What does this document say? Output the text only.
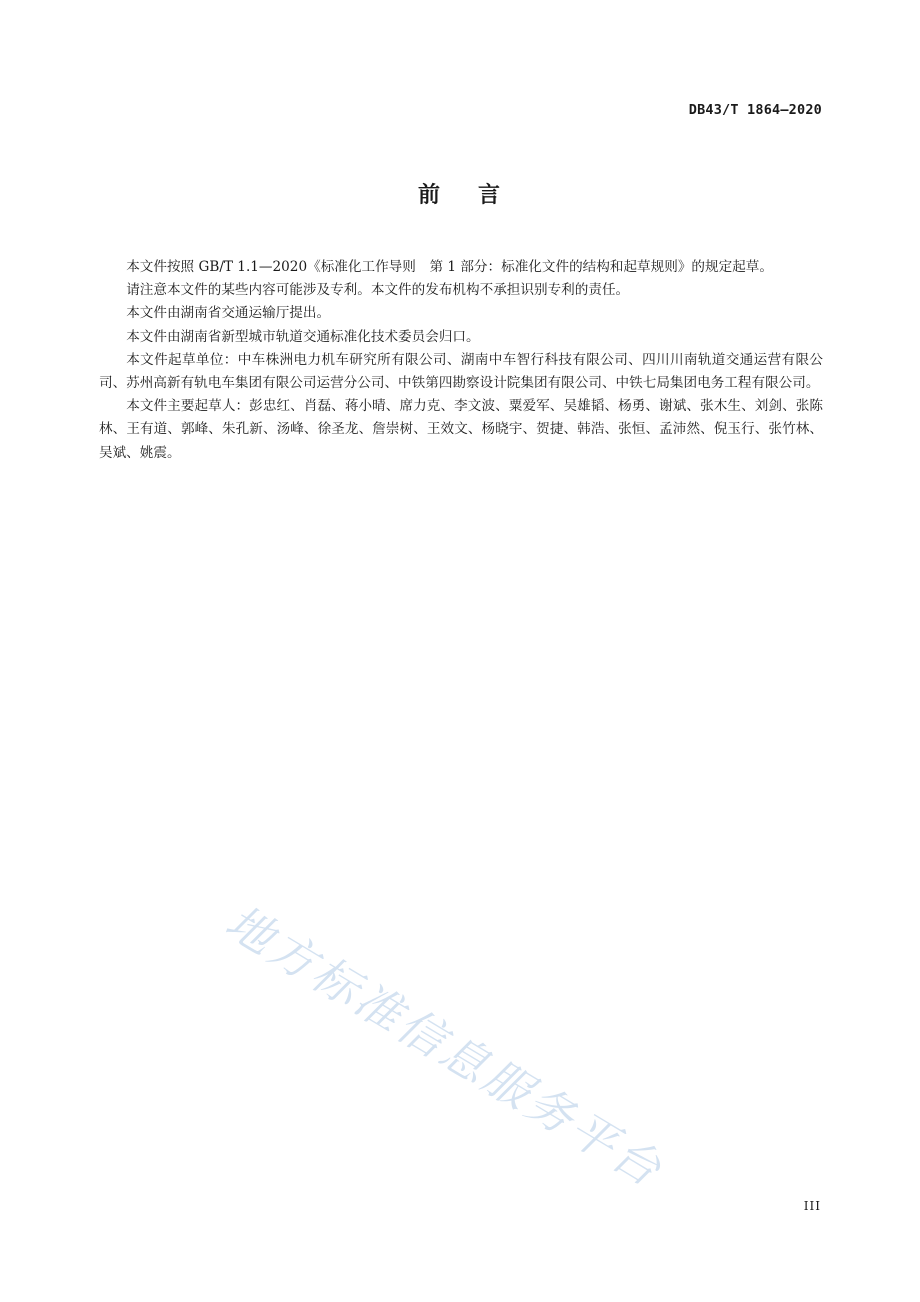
DB43/T 1864—2020
前 言

本文件按照 GB/T 1.1—2020《标准化工作导则　第 1 部分：标准化文件的结构和起草规则》的规定起草。

请注意本文件的某些内容可能涉及专利。本文件的发布机构不承担识别专利的责任。

本文件由湖南省交通运输厅提出。

本文件由湖南省新型城市轨道交通标准化技术委员会归口。

本文件起草单位：中车株洲电力机车研究所有限公司、湖南中车智行科技有限公司、四川川南轨道交通运营有限公司、苏州高新有轨电车集团有限公司运营分公司、中铁第四勘察设计院集团有限公司、中铁七局集团电务工程有限公司。

本文件主要起草人：彭忠红、肖磊、蒋小晴、席力克、李文波、粟爱军、吴雄韬、杨勇、谢斌、张木生、刘剑、张陈林、王有道、郭峰、朱孔新、汤峰、徐圣龙、詹崇树、王效文、杨晓宇、贺捷、韩浩、张恒、孟沛然、倪玉行、张竹林、吴斌、姚震。

地方标准信息服务平台
III
